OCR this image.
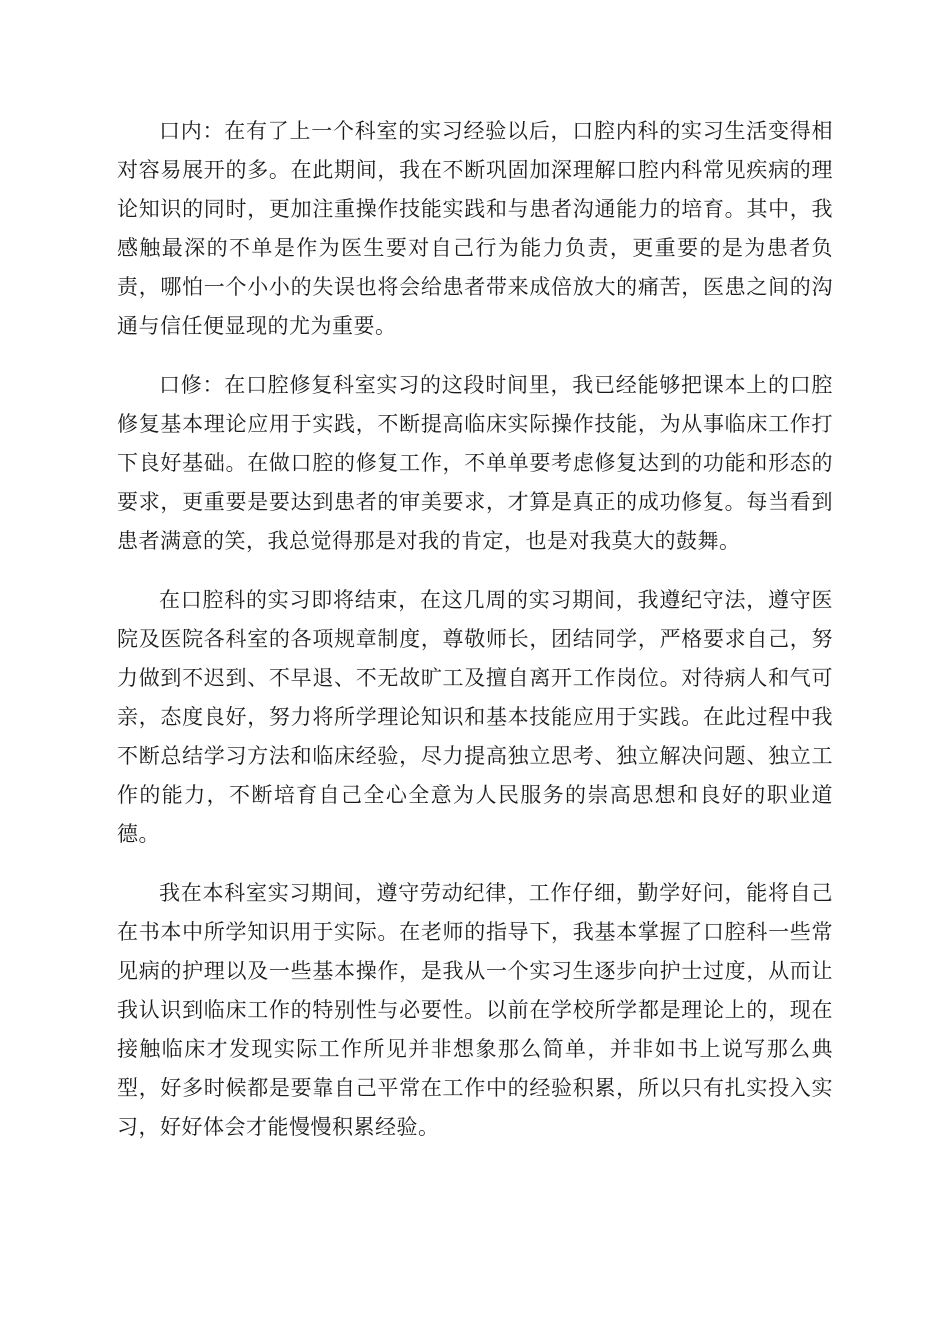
口内：在有了上一个科室的实习经验以后，口腔内科的实习生活变得相对容易展开的多。在此期间，我在不断巩固加深理解口腔内科常见疾病的理论知识的同时，更加注重操作技能实践和与患者沟通能力的培育。其中，我感触最深的不单是作为医生要对自己行为能力负责，更重要的是为患者负责，哪怕一个小小的失误也将会给患者带来成倍放大的痛苦，医患之间的沟通与信任便显现的尤为重要。

口修：在口腔修复科室实习的这段时间里，我已经能够把课本上的口腔修复基本理论应用于实践，不断提高临床实际操作技能，为从事临床工作打下良好基础。在做口腔的修复工作，不单单要考虑修复达到的功能和形态的要求，更重要是要达到患者的审美要求，才算是真正的成功修复。每当看到患者满意的笑，我总觉得那是对我的肯定，也是对我莫大的鼓舞。

在口腔科的实习即将结束，在这几周的实习期间，我遵纪守法，遵守医院及医院各科室的各项规章制度，尊敬师长，团结同学，严格要求自己，努力做到不迟到、不早退、不无故旷工及擅自离开工作岗位。对待病人和气可亲，态度良好，努力将所学理论知识和基本技能应用于实践。在此过程中我不断总结学习方法和临床经验，尽力提高独立思考、独立解决问题、独立工作的能力，不断培育自己全心全意为人民服务的崇高思想和良好的职业道德。

我在本科室实习期间，遵守劳动纪律，工作仔细，勤学好问，能将自己在书本中所学知识用于实际。在老师的指导下，我基本掌握了口腔科一些常见病的护理以及一些基本操作，是我从一个实习生逐步向护士过度，从而让我认识到临床工作的特别性与必要性。以前在学校所学都是理论上的，现在接触临床才发现实际工作所见并非想象那么简单，并非如书上说写那么典型，好多时候都是要靠自己平常在工作中的经验积累，所以只有扎实投入实习，好好体会才能慢慢积累经验。
